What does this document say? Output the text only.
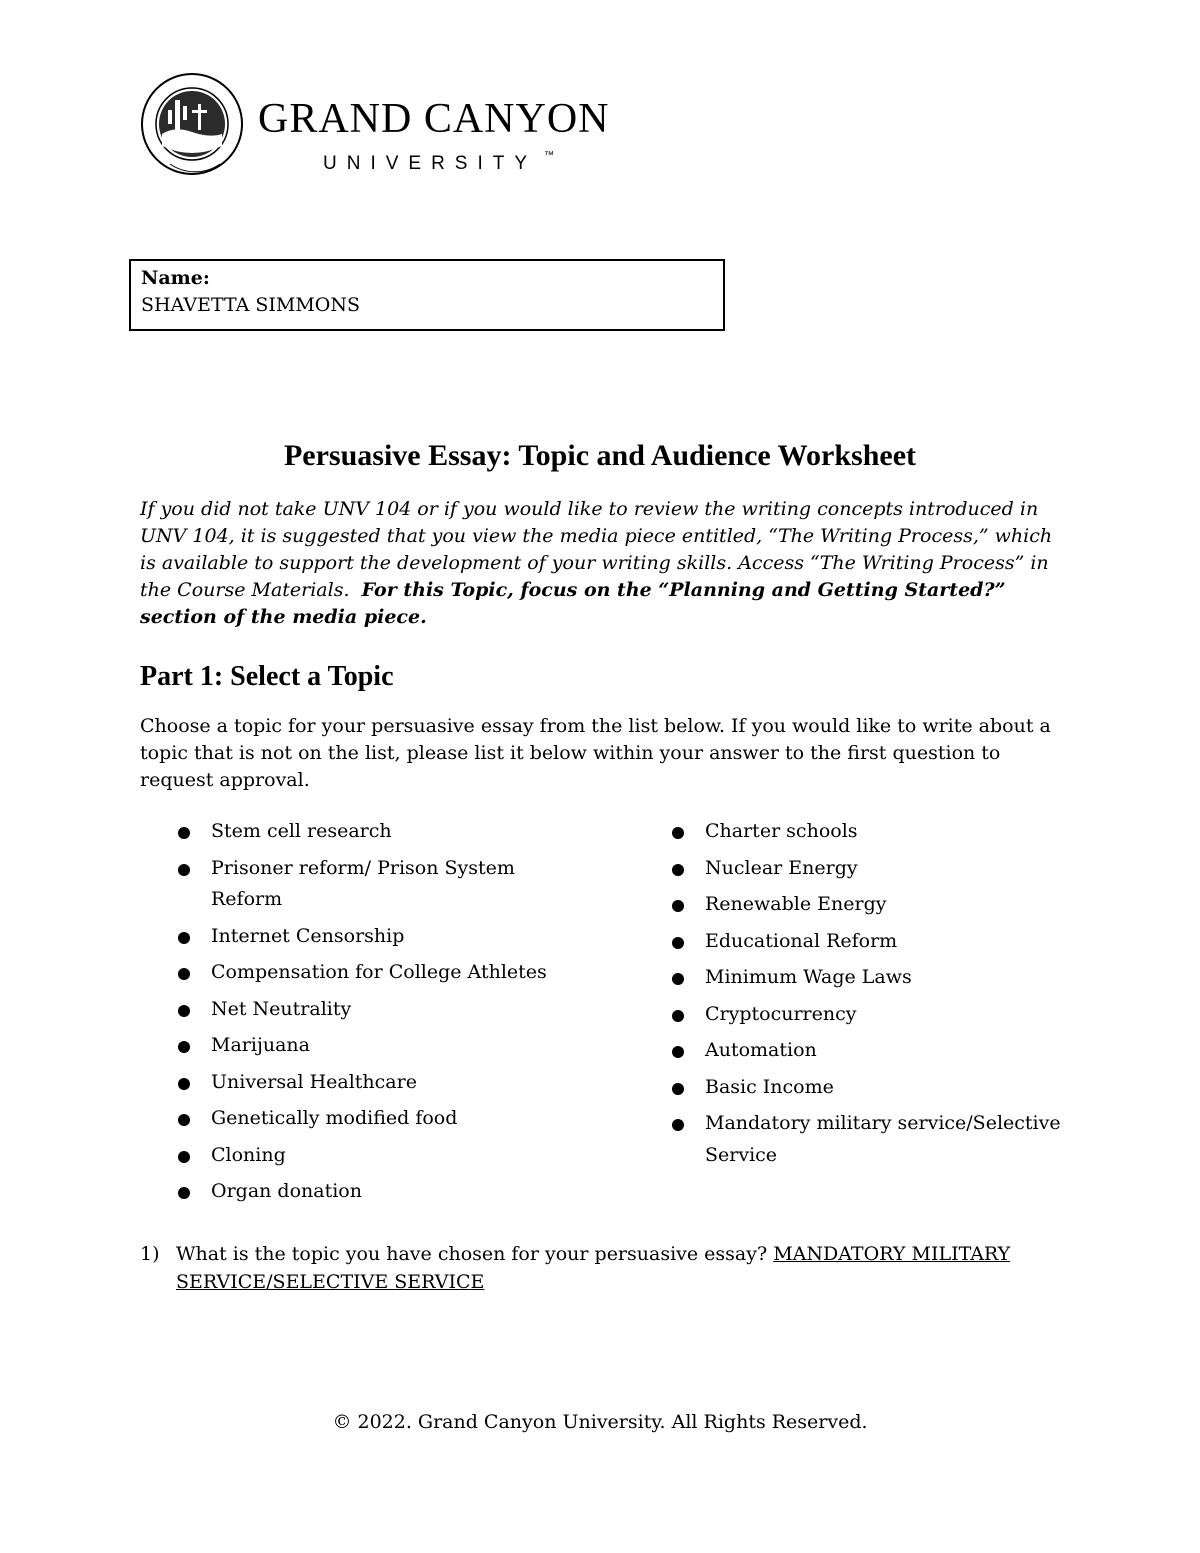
GRAND CANYON
UNIVERSITY ™
Name:
SHAVETTA SIMMONS
Persuasive Essay: Topic and Audience Worksheet
If you did not take UNV 104 or if you would like to review the writing concepts introduced in UNV 104, it is suggested that you view the media piece entitled, “The Writing Process,” which is available to support the development of your writing skills. Access “The Writing Process” in the Course Materials. For this Topic, focus on the “Planning and Getting Started?” section of the media piece.
Part 1: Select a Topic
Choose a topic for your persuasive essay from the list below. If you would like to write about a topic that is not on the list, please list it below within your answer to the first question to request approval.
Stem cell research
Prisoner reform/ Prison System Reform
Internet Censorship
Compensation for College Athletes
Net Neutrality
Marijuana
Universal Healthcare
Genetically modified food
Cloning
Organ donation
Charter schools
Nuclear Energy
Renewable Energy
Educational Reform
Minimum Wage Laws
Cryptocurrency
Automation
Basic Income
Mandatory military service/Selective Service
1) What is the topic you have chosen for your persuasive essay? MANDATORY MILITARY SERVICE/SELECTIVE SERVICE
© 2022. Grand Canyon University. All Rights Reserved.
